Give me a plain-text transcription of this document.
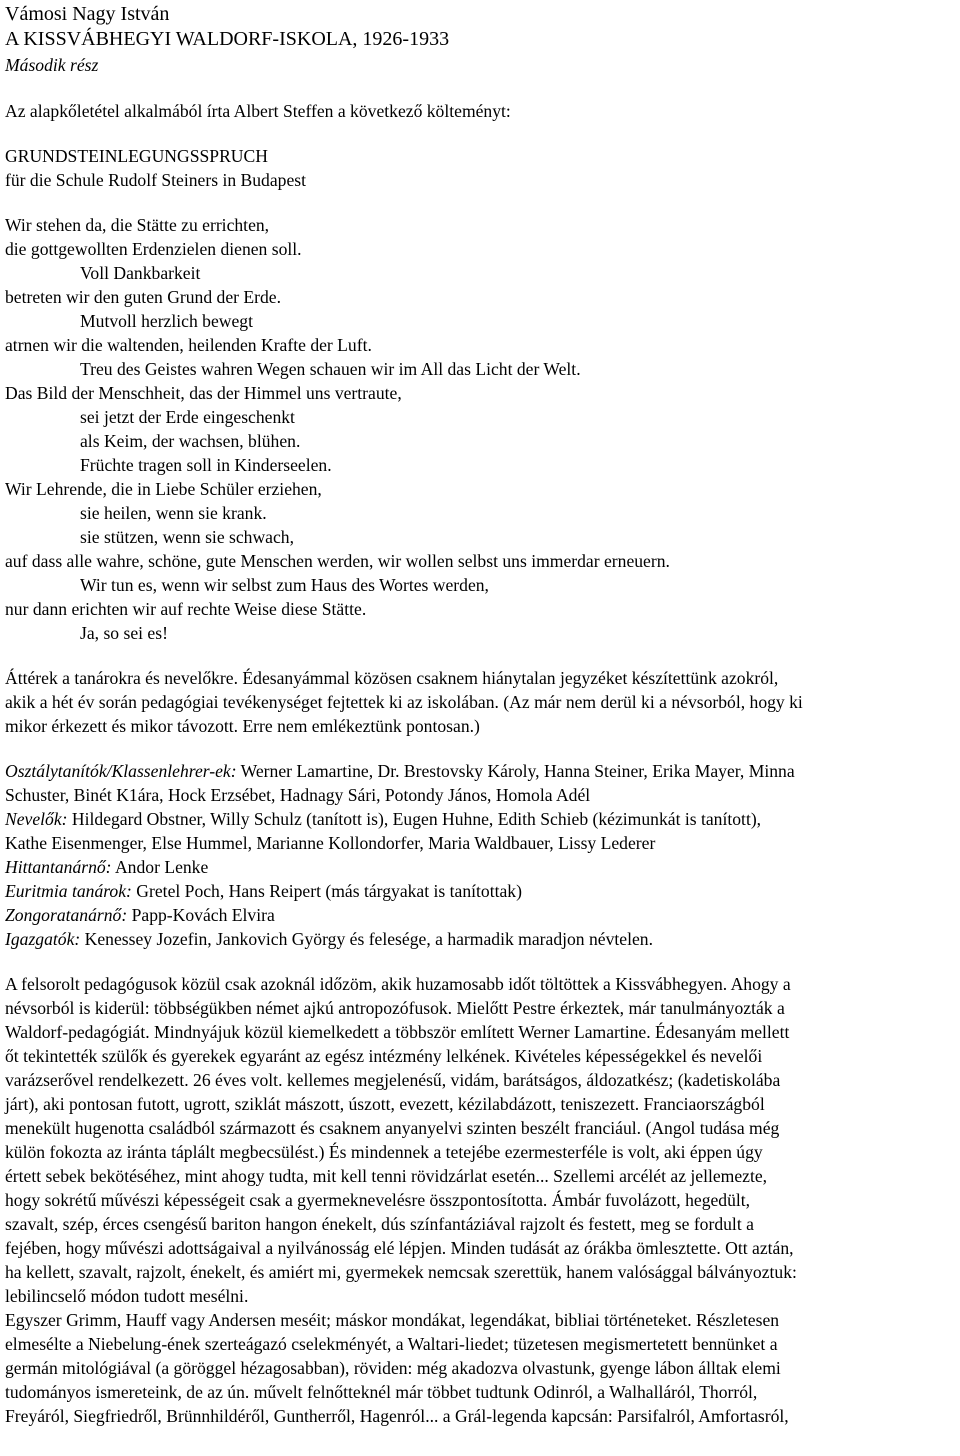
Vámosi Nagy István
A KISSVÁBHEGYI WALDORF-ISKOLA, 1926-1933
Második rész
Az alapkőletétel alkalmából írta Albert Steffen a következő költeményt:
GRUNDSTEINLEGUNGSSPRUCH
für die Schule Rudolf Steiners in Budapest
Wir stehen da, die Stätte zu errichten,
die gottgewollten Erdenzielen dienen soll.
Voll Dankbarkeit
betreten wir den guten Grund der Erde.
Mutvoll herzlich bewegt
atrnen wir die waltenden, heilenden Krafte der Luft.
Treu des Geistes wahren Wegen schauen wir im All das Licht der Welt.
Das Bild der Menschheit, das der Himmel uns vertraute,
sei jetzt der Erde eingeschenkt
als Keim, der wachsen, blühen.
Früchte tragen soll in Kinderseelen.
Wir Lehrende, die in Liebe Schüler erziehen,
sie heilen, wenn sie krank.
sie stützen, wenn sie schwach,
auf dass alle wahre, schöne, gute Menschen werden, wir wollen selbst uns immerdar erneuern.
Wir tun es, wenn wir selbst zum Haus des Wortes werden,
nur dann erichten wir auf rechte Weise diese Stätte.
Ja, so sei es!
Áttérek a tanárokra és nevelőkre. Édesanyámmal közösen csaknem hiánytalan jegyzéket készítettünk azokról,
akik a hét év során pedagógiai tevékenységet fejtettek ki az iskolában. (Az már nem derül ki a névsorból, hogy ki
mikor érkezett és mikor távozott. Erre nem emlékeztünk pontosan.)
Osztálytanítók/Klassenlehrer-ek: Werner Lamartine, Dr. Brestovsky Károly, Hanna Steiner, Erika Mayer, Minna
Schuster, Binét K1ára, Hock Erzsébet, Hadnagy Sári, Potondy János, Homola Adél
Nevelők: Hildegard Obstner, Willy Schulz (tanított is), Eugen Huhne, Edith Schieb (kézimunkát is tanított),
Kathe Eisenmenger, Else Hummel, Marianne Kollondorfer, Maria Waldbauer, Lissy Lederer
Hittantanárnő: Andor Lenke
Euritmia tanárok: Gretel Poch, Hans Reipert (más tárgyakat is tanítottak)
Zongoratanárnő: Papp-Kovách Elvira
Igazgatók: Kenessey Jozefin, Jankovich György és felesége, a harmadik maradjon névtelen.
A felsorolt pedagógusok közül csak azoknál időzöm, akik huzamosabb időt töltöttek a Kissvábhegyen. Ahogy a
névsorból is kiderül: többségükben német ajkú antropozófusok. Mielőtt Pestre érkeztek, már tanulmányozták a
Waldorf-pedagógiát. Mindnyájuk közül kiemelkedett a többször említett Werner Lamartine. Édesanyám mellett
őt tekintették szülők és gyerekek egyaránt az egész intézmény lelkének. Kivételes képességekkel és nevelői
varázserővel rendelkezett. 26 éves volt. kellemes megjelenésű, vidám, barátságos, áldozatkész; (kadetiskolába
járt), aki pontosan futott, ugrott, sziklát mászott, úszott, evezett, kézilabdázott, teniszezett. Franciaországból
menekült hugenotta családból származott és csaknem anyanyelvi szinten beszélt franciául. (Angol tudása még
külön fokozta az iránta táplált megbecsülést.) És mindennek a tetejébe ezermesterféle is volt, aki éppen úgy
értett sebek bekötéséhez, mint ahogy tudta, mit kell tenni rövidzárlat esetén... Szellemi arcélét az jellemezte,
hogy sokrétű művészi képességeit csak a gyermeknevelésre összpontosította. Ámbár fuvolázott, hegedült,
szavalt, szép, érces csengésű bariton hangon énekelt, dús színfantáziával rajzolt és festett, meg se fordult a
fejében, hogy művészi adottságaival a nyilvánosság elé lépjen. Minden tudását az órákba ömlesztette. Ott aztán,
ha kellett, szavalt, rajzolt, énekelt, és amiért mi, gyermekek nemcsak szerettük, hanem valósággal bálványoztuk:
lebilincselő módon tudott mesélni.
Egyszer Grimm, Hauff vagy Andersen meséit; máskor mondákat, legendákat, bibliai történeteket. Részletesen
elmesélte a Niebelung-ének szerteágazó cselekményét, a Waltari-liedet; tüzetesen megismertetett bennünket a
germán mitológiával (a göröggel hézagosabban), röviden: még akadozva olvastunk, gyenge lábon álltak elemi
tudományos ismereteink, de az ún. művelt felnőtteknél már többet tudtunk Odinról, a Walhalláról, Thorról,
Freyáról, Siegfriedről, Brünnhildéről, Guntherről, Hagenról... a Grál-legenda kapcsán: Parsifalról, Amfortasról,
